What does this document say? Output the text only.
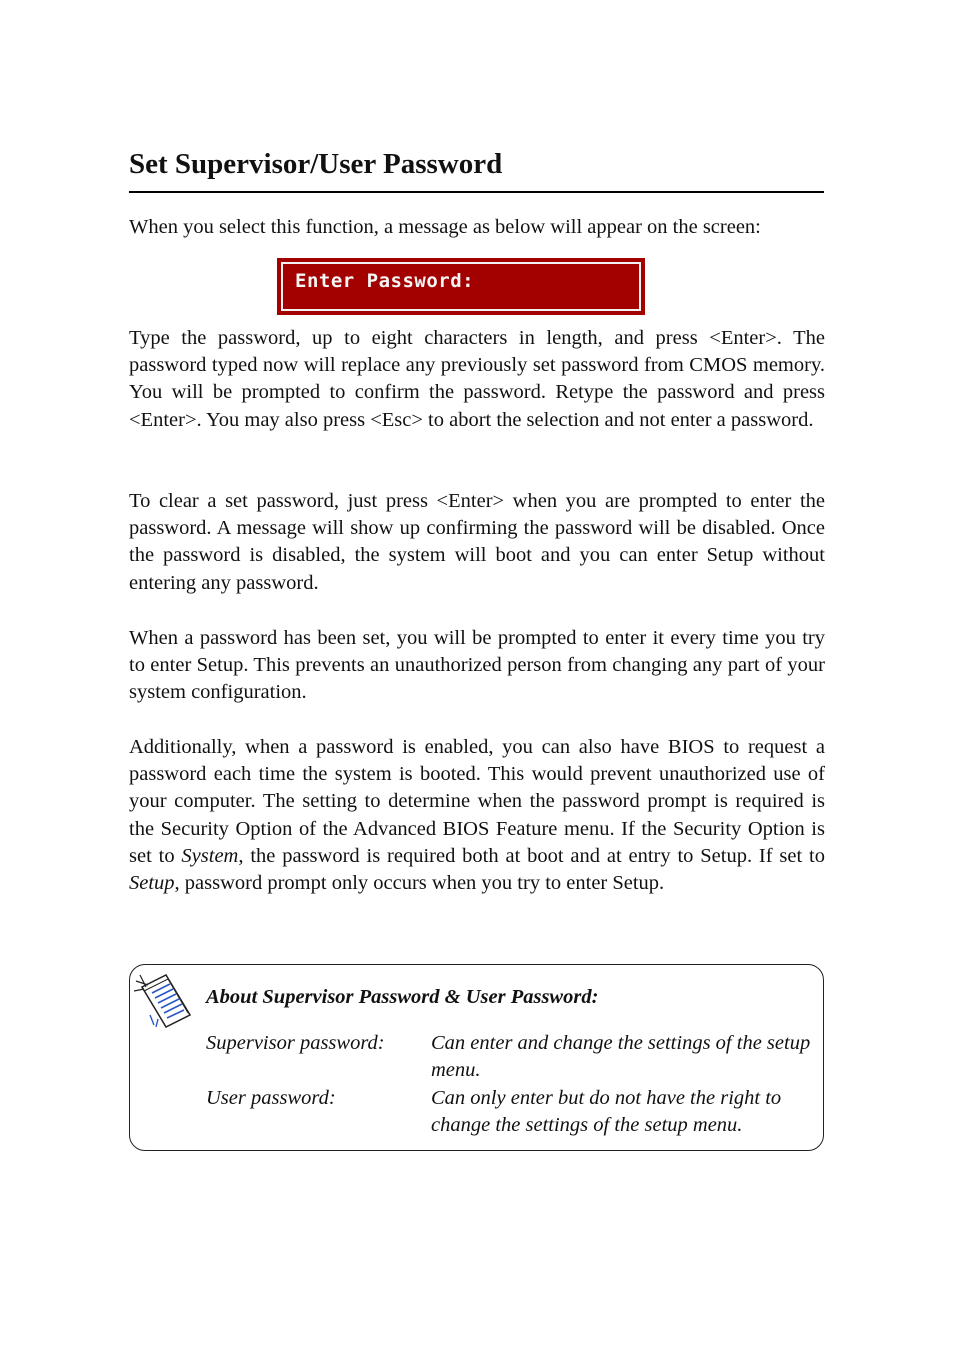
Set Supervisor/User Password

When you select this function, a message as below will appear on the screen:

Type the password, up to eight characters in length, and press <Enter>. The password typed now will replace any previously set password from CMOS memory. You will be prompted to confirm the password. Retype the password and press <Enter>. You may also press <Esc> to abort the selection and not enter a password.

To clear a set password, just press <Enter> when you are prompted to enter the password. A message will show up confirming the password will be disabled. Once the password is disabled, the system will boot and you can enter Setup without entering any password.

When a password has been set, you will be prompted to enter it every time you try to enter Setup. This prevents an unauthorized person from changing any part of your system configuration.

Additionally, when a password is enabled, you can also have BIOS to request a password each time the system is booted. This would prevent unauthorized use of your computer. The setting to determine when the password prompt is required is the Security Option of the Advanced BIOS Feature menu. If the Security Option is set to System, the password is required both at boot and at entry to Setup. If set to Setup, password prompt only occurs when you try to enter Setup.

Enter Password:

About Supervisor Password & User Password:

Supervisor password: Can enter and change the settings of the setup menu.
User password:	Can only enter but do not have the right to change the settings of the setup menu.
